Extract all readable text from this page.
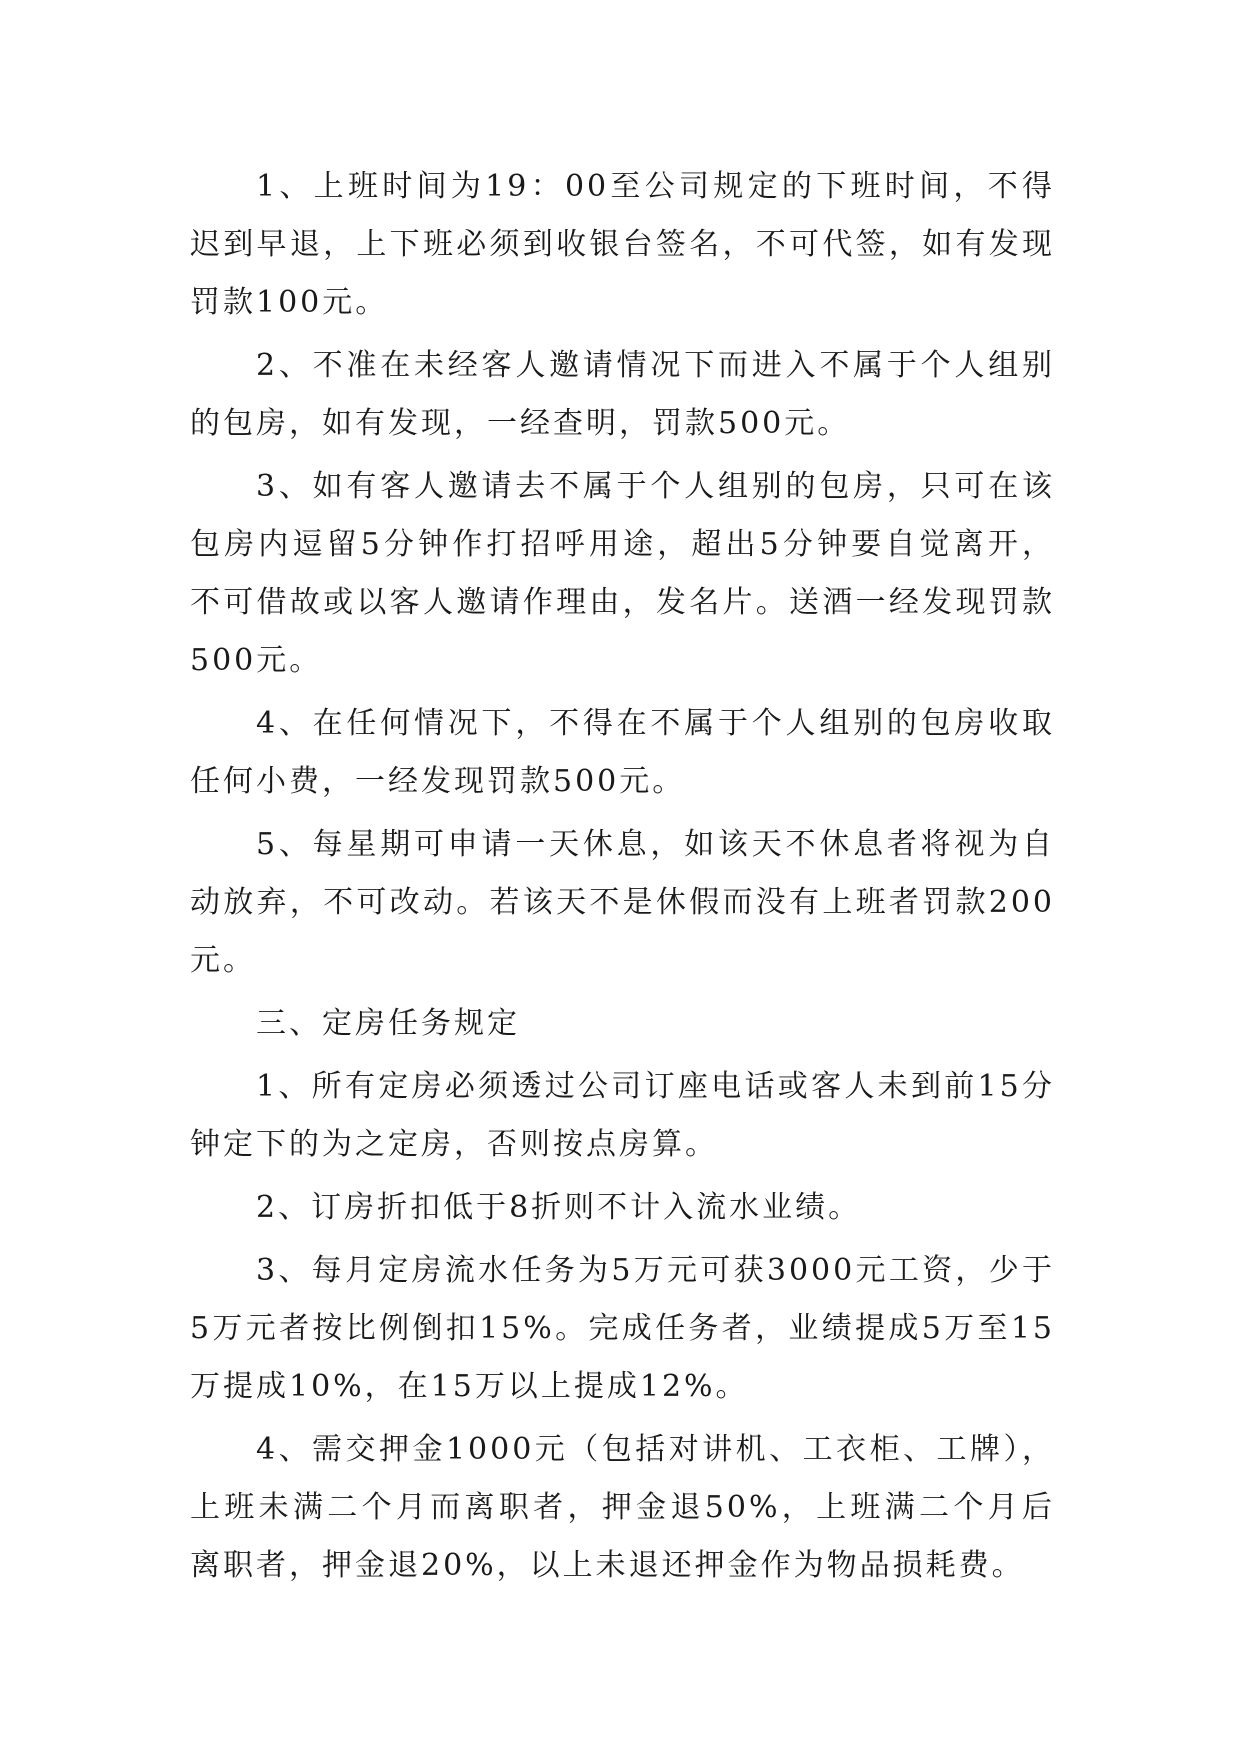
1、上班时间为19：00至公司规定的下班时间，不得迟到早退，上下班必须到收银台签名，不可代签，如有发现罚款100元。

2、不准在未经客人邀请情况下而进入不属于个人组别的包房，如有发现，一经查明，罚款500元。

3、如有客人邀请去不属于个人组别的包房，只可在该包房内逗留5分钟作打招呼用途，超出5分钟要自觉离开，不可借故或以客人邀请作理由，发名片。送酒一经发现罚款500元。

4、在任何情况下，不得在不属于个人组别的包房收取任何小费，一经发现罚款500元。

5、每星期可申请一天休息，如该天不休息者将视为自动放弃，不可改动。若该天不是休假而没有上班者罚款200元。

三、定房任务规定

1、所有定房必须透过公司订座电话或客人未到前15分钟定下的为之定房，否则按点房算。

2、订房折扣低于8折则不计入流水业绩。

3、每月定房流水任务为5万元可获3000元工资，少于5万元者按比例倒扣15%。完成任务者，业绩提成5万至15万提成10%，在15万以上提成12%。

4、需交押金1000元（包括对讲机、工衣柜、工牌），上班未满二个月而离职者，押金退50%，上班满二个月后离职者，押金退20%，以上未退还押金作为物品损耗费。
